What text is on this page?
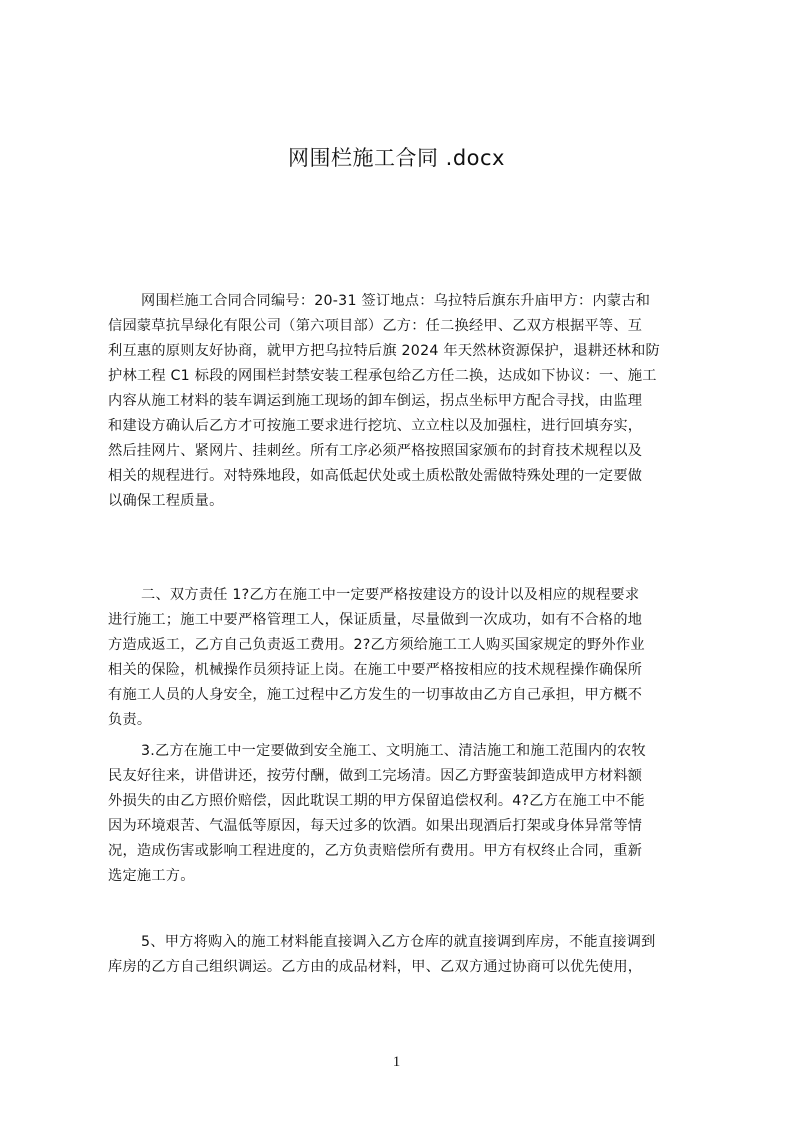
网围栏施工合同 .docx
网围栏施工合同合同编号：20-31 签订地点：乌拉特后旗东升庙甲方：内蒙古和
信园蒙草抗旱绿化有限公司（第六项目部）乙方：任二换经甲、乙双方根据平等、互
利互惠的原则友好协商，就甲方把乌拉特后旗 2024 年天然林资源保护，退耕还林和防
护林工程 C1 标段的网围栏封禁安装工程承包给乙方任二换，达成如下协议：一、施工
内容从施工材料的装车调运到施工现场的卸车倒运，拐点坐标甲方配合寻找，由监理
和建设方确认后乙方才可按施工要求进行挖坑、立立柱以及加强柱，进行回填夯实，
然后挂网片、紧网片、挂刺丝。所有工序必须严格按照国家颁布的封育技术规程以及
相关的规程进行。对特殊地段，如高低起伏处或土质松散处需做特殊处理的一定要做
以确保工程质量。
二、双方责任 1?乙方在施工中一定要严格按建设方的设计以及相应的规程要求
进行施工；施工中要严格管理工人，保证质量，尽量做到一次成功，如有不合格的地
方造成返工，乙方自己负责返工费用。2?乙方须给施工工人购买国家规定的野外作业
相关的保险，机械操作员须持证上岗。在施工中要严格按相应的技术规程操作确保所
有施工人员的人身安全，施工过程中乙方发生的一切事故由乙方自己承担，甲方概不
负责。
3.乙方在施工中一定要做到安全施工、文明施工、清洁施工和施工范围内的农牧
民友好往来，讲借讲还，按劳付酬，做到工完场清。因乙方野蛮装卸造成甲方材料额
外损失的由乙方照价赔偿，因此耽误工期的甲方保留追偿权利。4?乙方在施工中不能
因为环境艰苦、气温低等原因，每天过多的饮酒。如果出现酒后打架或身体异常等情
况，造成伤害或影响工程进度的，乙方负责赔偿所有费用。甲方有权终止合同，重新
选定施工方。
5、甲方将购入的施工材料能直接调入乙方仓库的就直接调到库房，不能直接调到
库房的乙方自己组织调运。乙方由的成品材料，甲、乙双方通过协商可以优先使用，
1
